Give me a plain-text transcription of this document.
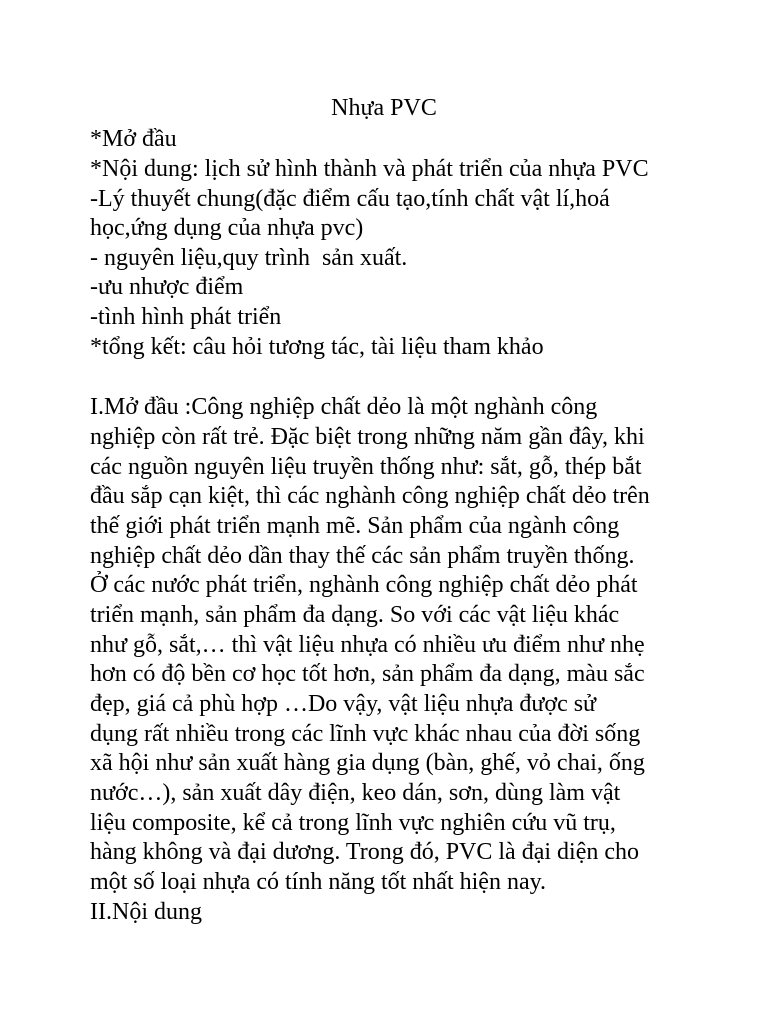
Nhựa PVC
*Mở đầu
*Nội dung: lịch sử hình thành và phát triển của nhựa PVC
-Lý thuyết chung(đặc điểm cấu tạo,tính chất vật lí,hoá
học,ứng dụng của nhựa pvc)
- nguyên liệu,quy trình  sản xuất.
-ưu nhược điểm
-tình hình phát triển
*tổng kết: câu hỏi tương tác, tài liệu tham khảo
I.Mở đầu :Công nghiệp chất dẻo là một nghành công
nghiệp còn rất trẻ. Đặc biệt trong những năm gần đây, khi
các nguồn nguyên liệu truyền thống như: sắt, gỗ, thép bắt
đầu sắp cạn kiệt, thì các nghành công nghiệp chất dẻo trên
thế giới phát triển mạnh mẽ. Sản phẩm của ngành công
nghiệp chất dẻo dần thay thế các sản phẩm truyền thống.
Ở các nước phát triển, nghành công nghiệp chất dẻo phát
triển mạnh, sản phẩm đa dạng. So với các vật liệu khác
như gỗ, sắt,… thì vật liệu nhựa có nhiều ưu điểm như nhẹ
hơn có độ bền cơ học tốt hơn, sản phẩm đa dạng, màu sắc
đẹp, giá cả phù hợp …Do vậy, vật liệu nhựa được sử
dụng rất nhiều trong các lĩnh vực khác nhau của đời sống
xã hội như sản xuất hàng gia dụng (bàn, ghế, vỏ chai, ống
nước…), sản xuất dây điện, keo dán, sơn, dùng làm vật
liệu composite, kể cả trong lĩnh vực nghiên cứu vũ trụ,
hàng không và đại dương. Trong đó, PVC là đại diện cho
một số loại nhựa có tính năng tốt nhất hiện nay.
II.Nội dung
